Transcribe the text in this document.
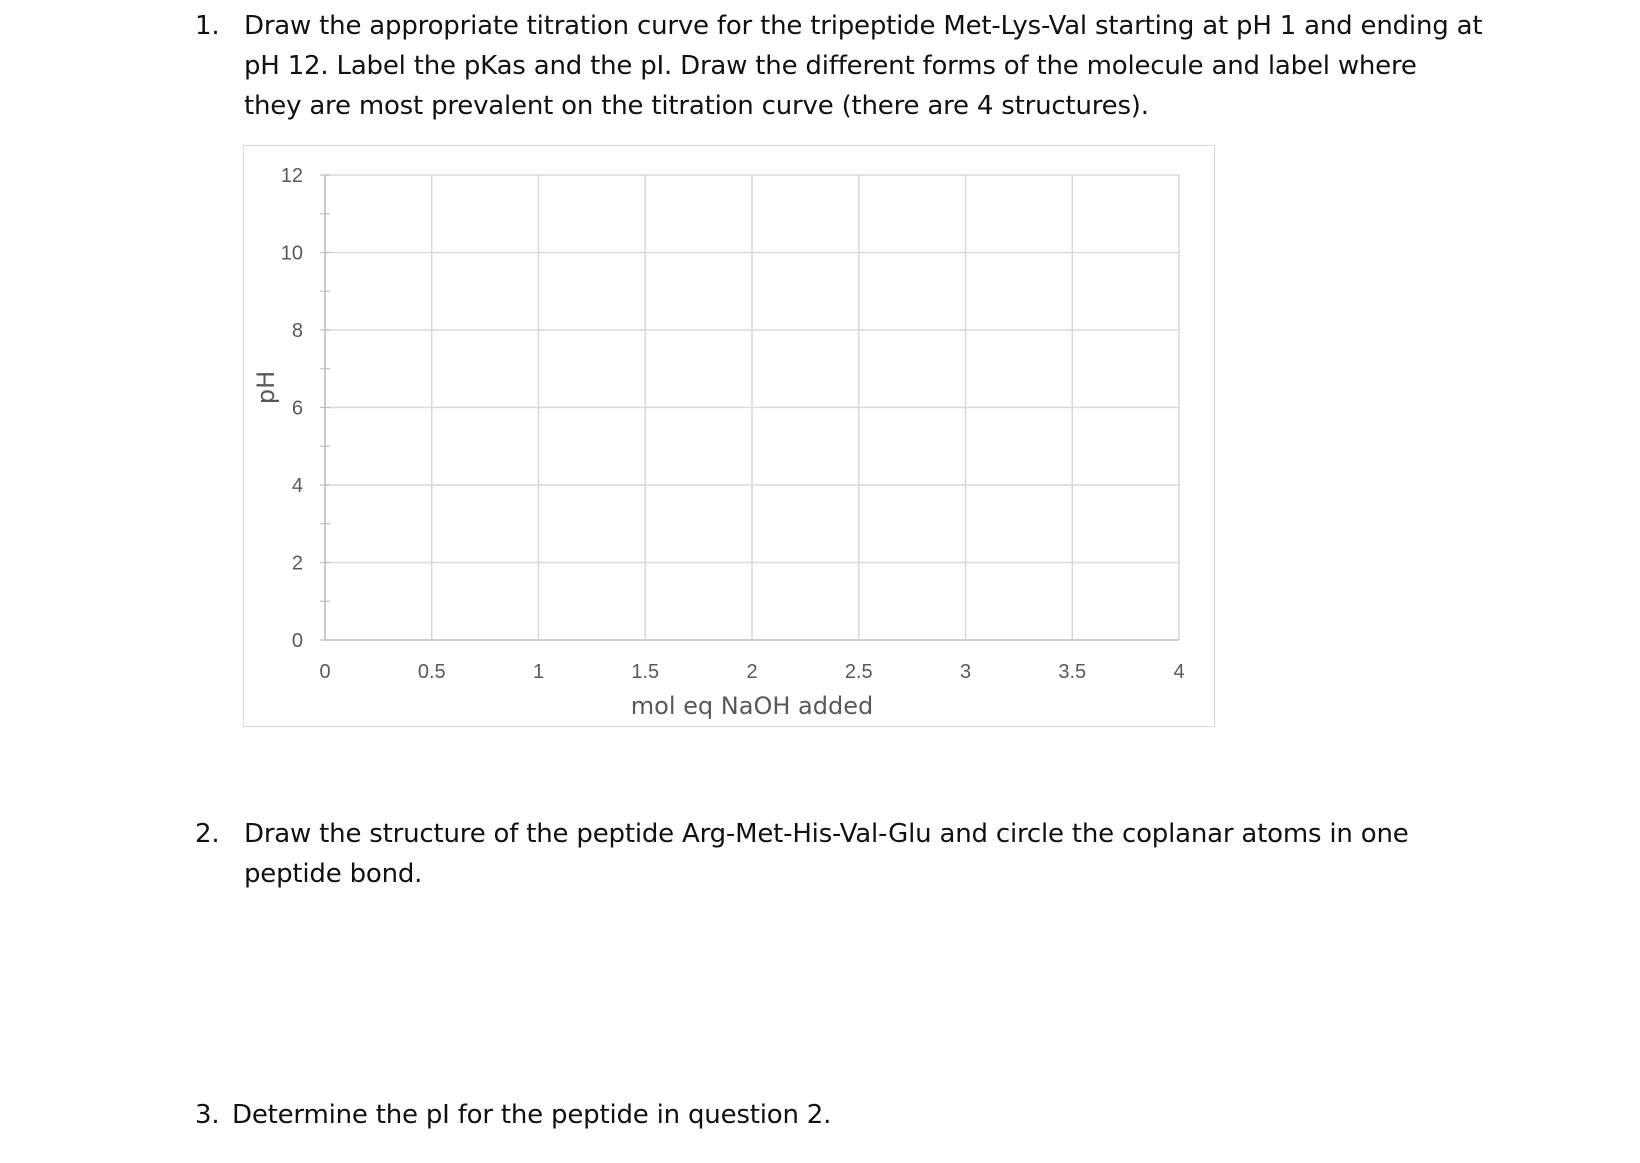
1. Draw the appropriate titration curve for the tripeptide Met-Lys-Val starting at pH 1 and ending at
pH 12. Label the pKas and the pI. Draw the different forms of the molecule and label where
they are most prevalent on the titration curve (there are 4 structures).
0
2
4
6
8
10
12
0	0.5	1	1.5	2	2.5	3	3.5	4
mol eq NaOH added
pH
2. Draw the structure of the peptide Arg-Met-His-Val-Glu and circle the coplanar atoms in one
peptide bond.
3. Determine the pI for the peptide in question 2.
